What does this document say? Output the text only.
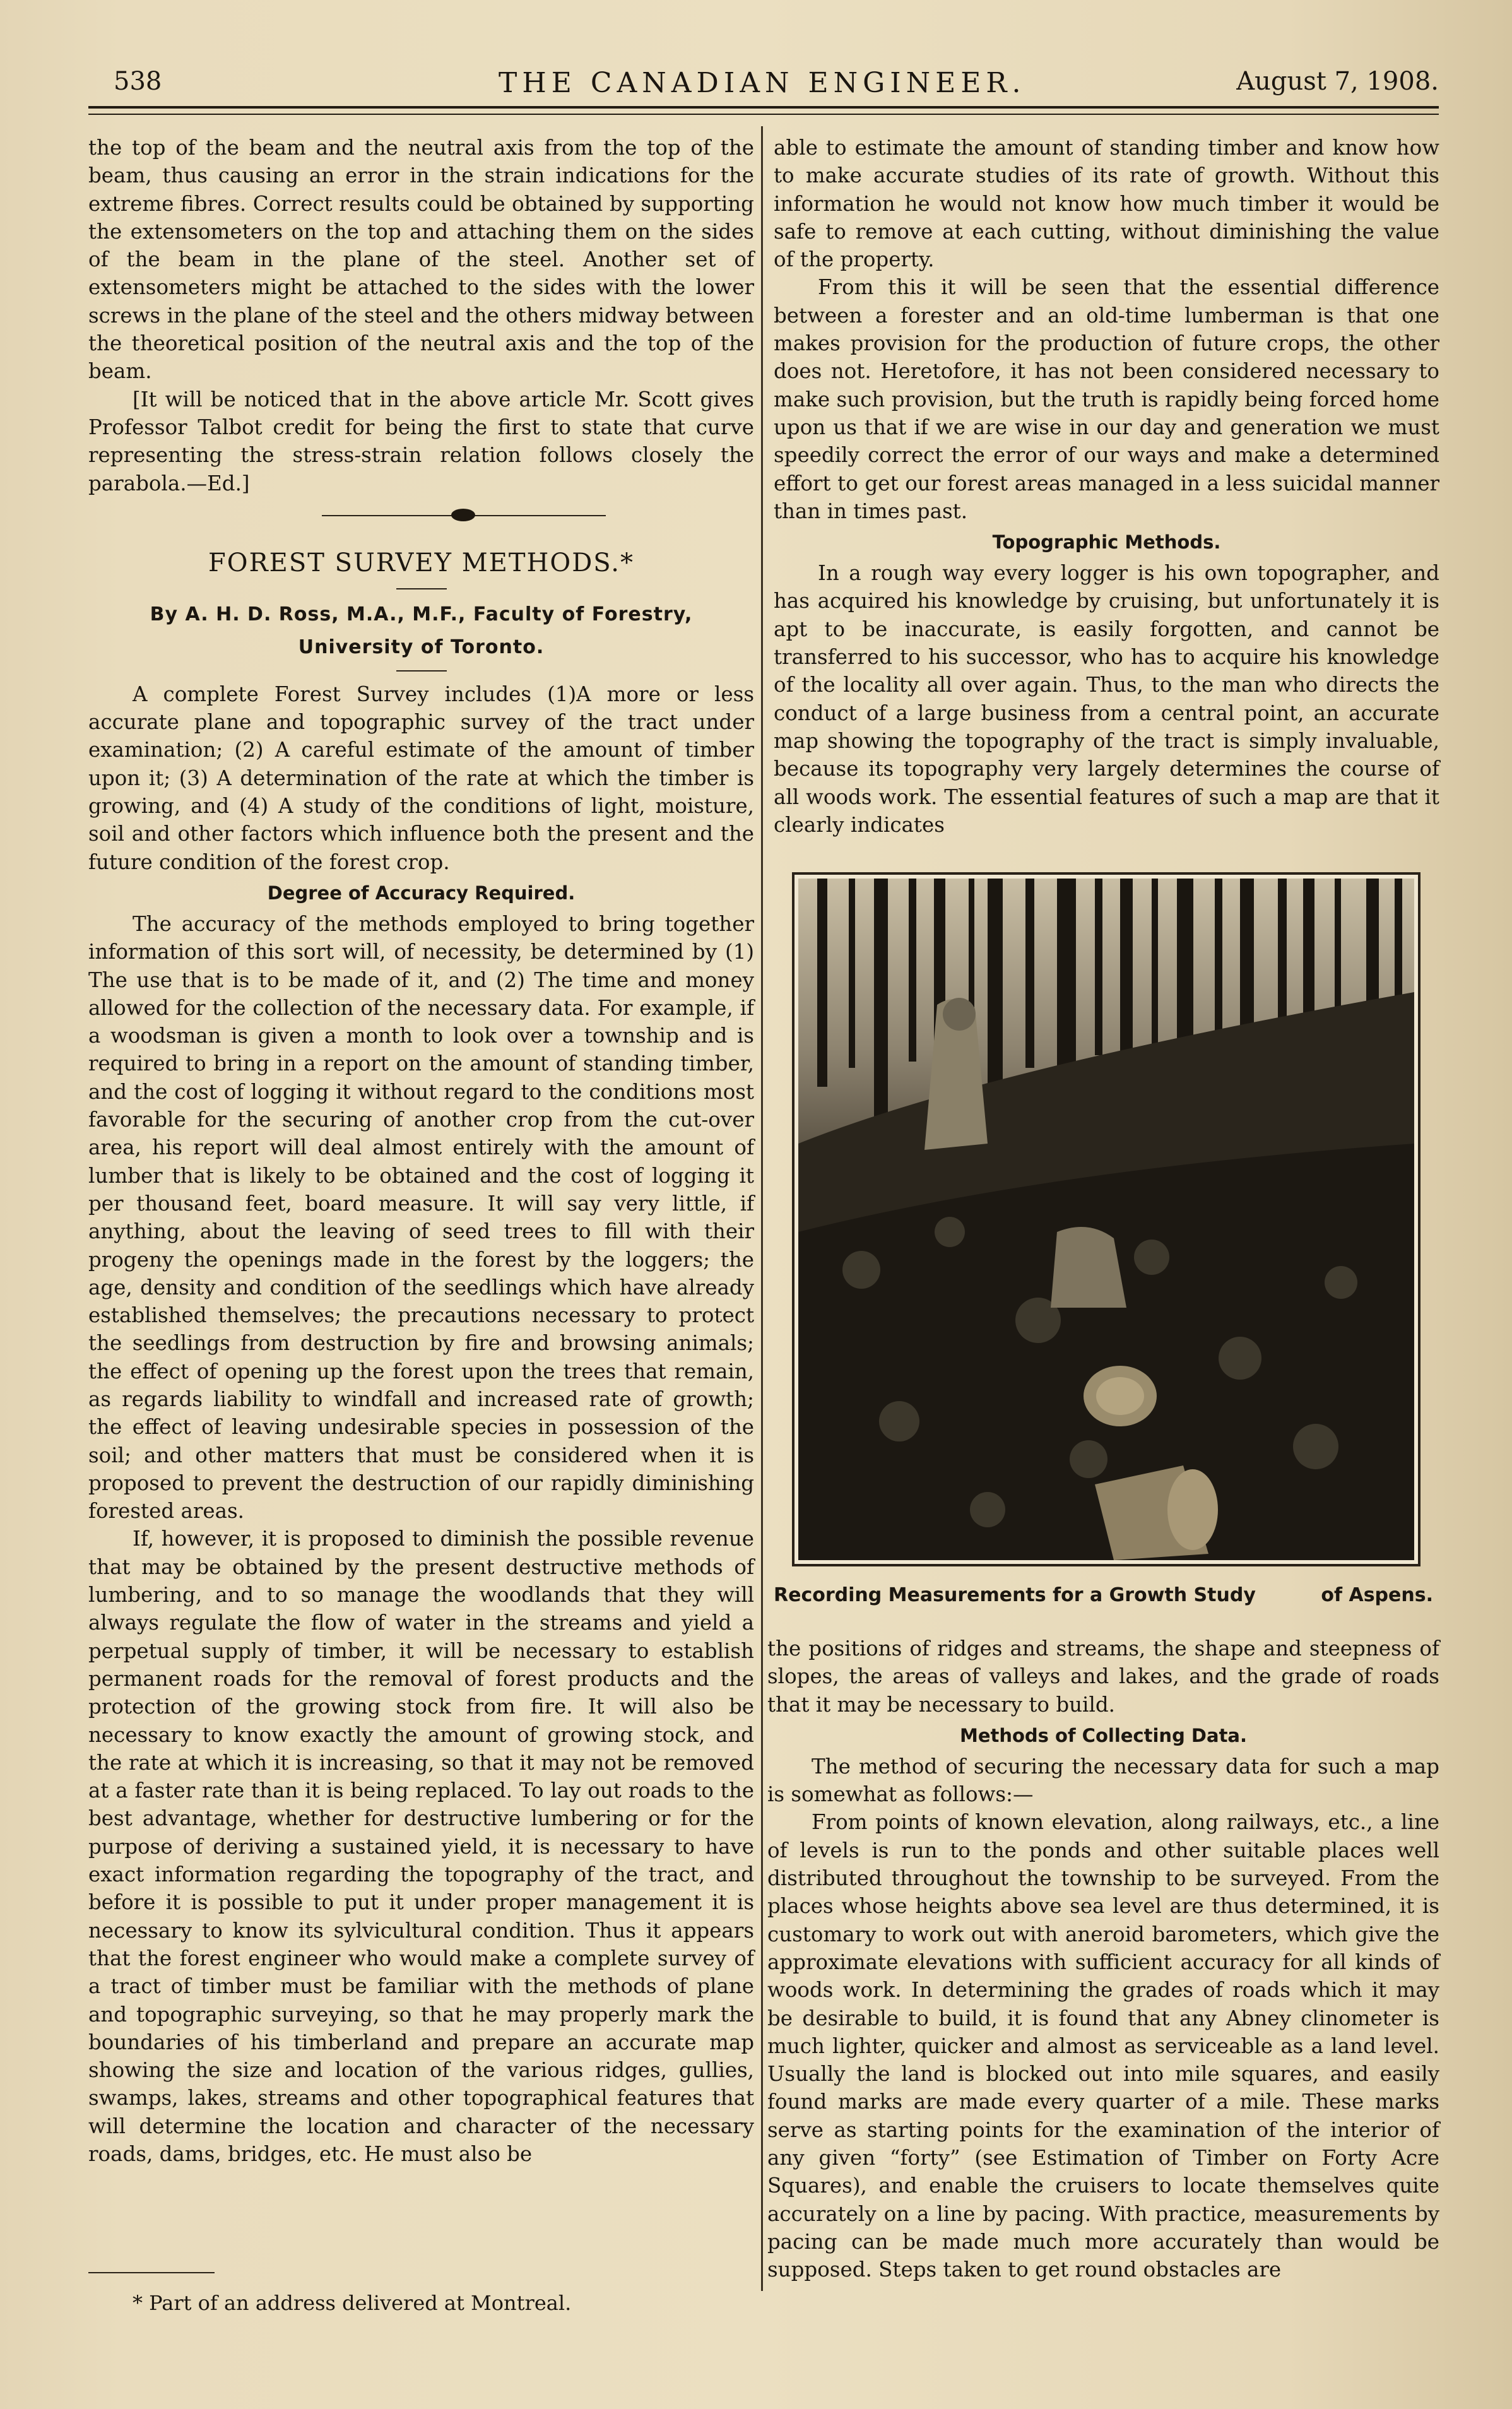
538	THE CANADIAN ENGINEER.	August 7, 1908.

the top of the beam and the neutral axis from the top of the beam, thus causing an error in the strain indications for the extreme fibres. Correct results could be obtained by supporting the extensometers on the top and attaching them on the sides of the beam in the plane of the steel. Another set of extensometers might be attached to the sides with the lower screws in the plane of the steel and the others midway between the theoretical position of the neutral axis and the top of the beam.

[It will be noticed that in the above article Mr. Scott gives Professor Talbot credit for being the first to state that curve representing the stress-strain relation follows closely the parabola.—Ed.]

FOREST SURVEY METHODS.*
By A. H. D. Ross, M.A., M.F., Faculty of Forestry,
University of Toronto.

A complete Forest Survey includes (1)A more or less accurate plane and topographic survey of the tract under examination; (2) A careful estimate of the amount of timber upon it; (3) A determination of the rate at which the timber is growing, and (4) A study of the conditions of light, moisture, soil and other factors which influence both the present and the future condition of the forest crop.

Degree of Accuracy Required.

The accuracy of the methods employed to bring together information of this sort will, of necessity, be determined by (1) The use that is to be made of it, and (2) The time and money allowed for the collection of the necessary data. For example, if a woodsman is given a month to look over a township and is required to bring in a report on the amount of standing timber, and the cost of logging it without regard to the conditions most favorable for the securing of another crop from the cut-over area, his report will deal almost entirely with the amount of lumber that is likely to be obtained and the cost of logging it per thousand feet, board measure. It will say very little, if anything, about the leaving of seed trees to fill with their progeny the openings made in the forest by the loggers; the age, density and condition of the seedlings which have already established themselves; the precautions necessary to protect the seedlings from destruction by fire and browsing animals; the effect of opening up the forest upon the trees that remain, as regards liability to windfall and increased rate of growth; the effect of leaving undesirable species in possession of the soil; and other matters that must be considered when it is proposed to prevent the destruction of our rapidly diminishing forested areas.

If, however, it is proposed to diminish the possible revenue that may be obtained by the present destructive methods of lumbering, and to so manage the woodlands that they will always regulate the flow of water in the streams and yield a perpetual supply of timber, it will be necessary to establish permanent roads for the removal of forest products and the protection of the growing stock from fire. It will also be necessary to know exactly the amount of growing stock, and the rate at which it is increasing, so that it may not be removed at a faster rate than it is being replaced. To lay out roads to the best advantage, whether for destructive lumbering or for the purpose of deriving a sustained yield, it is necessary to have exact information regarding the topography of the tract, and before it is possible to put it under proper management it is necessary to know its sylvicultural condition. Thus it appears that the forest engineer who would make a complete survey of a tract of timber must be familiar with the methods of plane and topographic surveying, so that he may properly mark the boundaries of his timberland and prepare an accurate map showing the size and location of the various ridges, gullies, swamps, lakes, streams and other topographical features that will determine the location and character of the necessary roads, dams, bridges, etc. He must also be

* Part of an address delivered at Montreal.

able to estimate the amount of standing timber and know how to make accurate studies of its rate of growth. Without this information he would not know how much timber it would be safe to remove at each cutting, without diminishing the value of the property.

From this it will be seen that the essential difference between a forester and an old-time lumberman is that one makes provision for the production of future crops, the other does not. Heretofore, it has not been considered necessary to make such provision, but the truth is rapidly being forced home upon us that if we are wise in our day and generation we must speedily correct the error of our ways and make a determined effort to get our forest areas managed in a less suicidal manner than in times past.

Topographic Methods.

In a rough way every logger is his own topographer, and has acquired his knowledge by cruising, but unfortunately it is apt to be inaccurate, is easily forgotten, and cannot be transferred to his successor, who has to acquire his knowledge of the locality all over again. Thus, to the man who directs the conduct of a large business from a central point, an accurate map showing the topography of the tract is simply invaluable, because its topography very largely determines the course of all woods work. The essential features of such a map are that it clearly indicates

Recording Measurements for a Growth Study	of Aspens.

the positions of ridges and streams, the shape and steepness of slopes, the areas of valleys and lakes, and the grade of roads that it may be necessary to build.

Methods of Collecting Data.

The method of securing the necessary data for such a map is somewhat as follows:—

From points of known elevation, along railways, etc., a line of levels is run to the ponds and other suitable places well distributed throughout the township to be surveyed. From the places whose heights above sea level are thus determined, it is customary to work out with aneroid barometers, which give the approximate elevations with sufficient accuracy for all kinds of woods work. In determining the grades of roads which it may be desirable to build, it is found that any Abney clinometer is much lighter, quicker and almost as serviceable as a land level. Usually the land is blocked out into mile squares, and easily found marks are made every quarter of a mile. These marks serve as starting points for the examination of the interior of any given “forty” (see Estimation of Timber on Forty Acre Squares), and enable the cruisers to locate themselves quite accurately on a line by pacing. With practice, measurements by pacing can be made much more accurately than would be supposed. Steps taken to get round obstacles are
